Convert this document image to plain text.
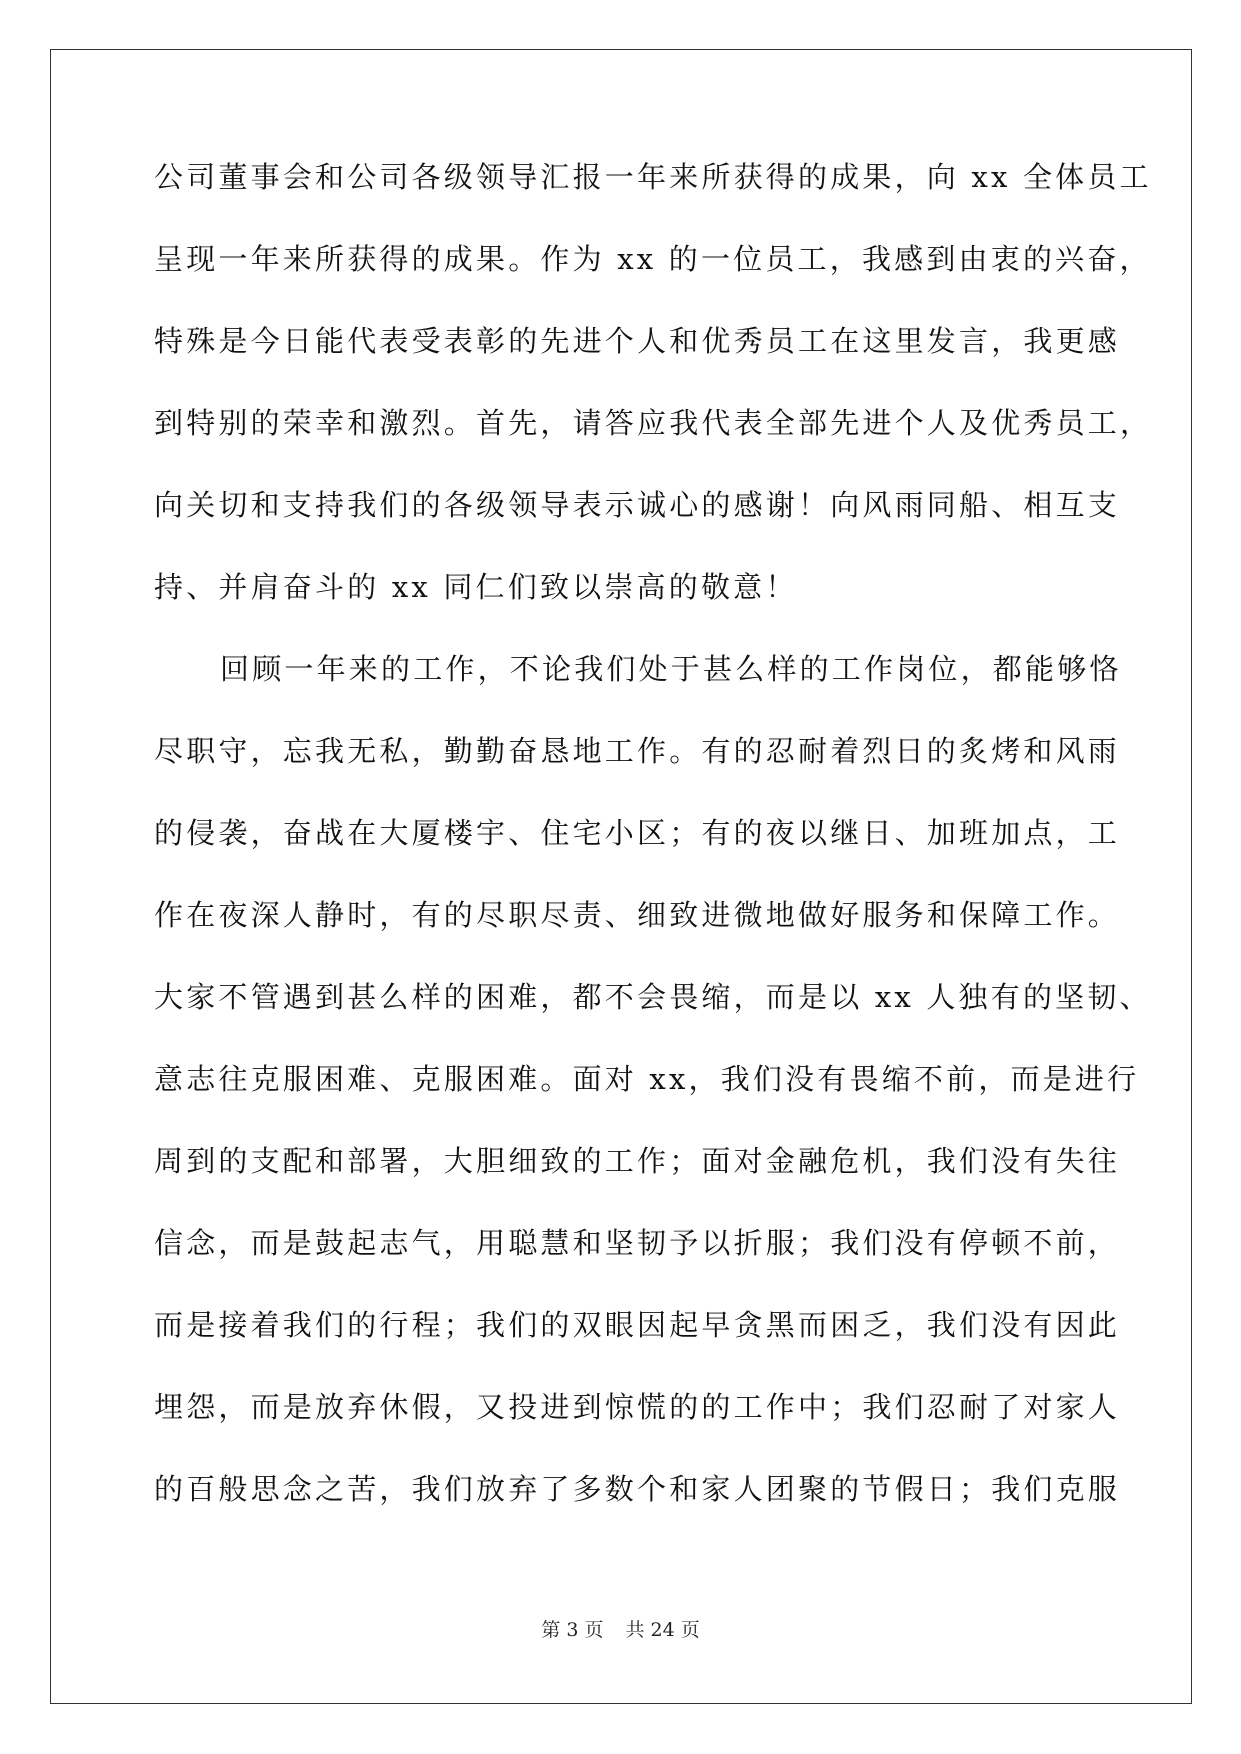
公司董事会和公司各级领导汇报一年来所获得的成果，向 xx 全体员工
呈现一年来所获得的成果。作为 xx 的一位员工，我感到由衷的兴奋，
特殊是今日能代表受表彰的先进个人和优秀员工在这里发言，我更感
到特别的荣幸和激烈。首先，请答应我代表全部先进个人及优秀员工，
向关切和支持我们的各级领导表示诚心的感谢！向风雨同船、相互支
持、并肩奋斗的 xx 同仁们致以崇高的敬意！
回顾一年来的工作，不论我们处于甚么样的工作岗位，都能够恪
尽职守，忘我无私，勤勤奋恳地工作。有的忍耐着烈日的炙烤和风雨
的侵袭，奋战在大厦楼宇、住宅小区；有的夜以继日、加班加点，工
作在夜深人静时，有的尽职尽责、细致进微地做好服务和保障工作。
大家不管遇到甚么样的困难，都不会畏缩，而是以 xx 人独有的坚韧、
意志往克服困难、克服困难。面对 xx，我们没有畏缩不前，而是进行
周到的支配和部署，大胆细致的工作；面对金融危机，我们没有失往
信念，而是鼓起志气，用聪慧和坚韧予以折服；我们没有停顿不前，
而是接着我们的行程；我们的双眼因起早贪黑而困乏，我们没有因此
埋怨，而是放弃休假，又投进到惊慌的的工作中；我们忍耐了对家人
的百般思念之苦，我们放弃了多数个和家人团聚的节假日；我们克服
第 3 页 共 24 页
